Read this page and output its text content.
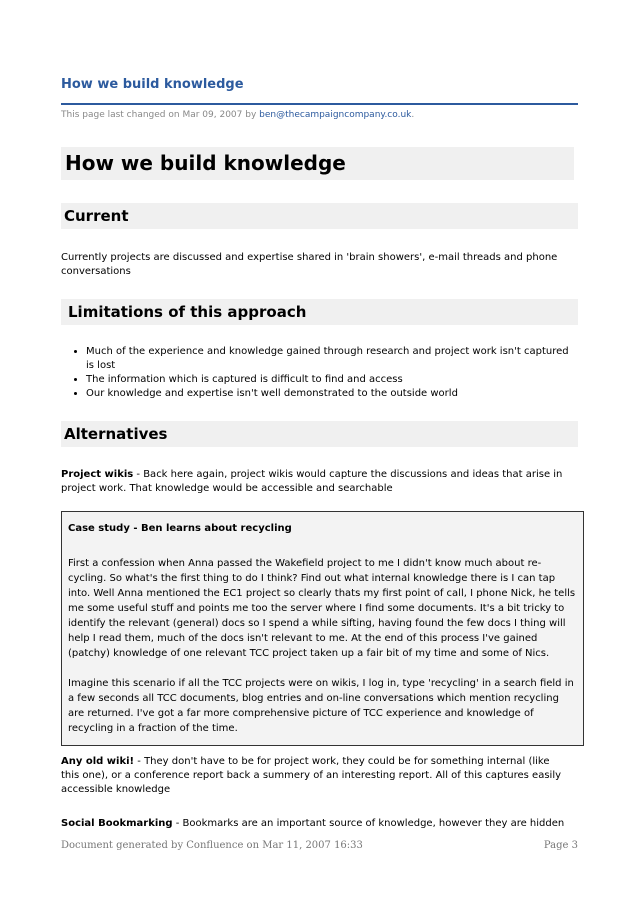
How we build knowledge
This page last changed on Mar 09, 2007 by ben@thecampaigncompany.co.uk.
How we build knowledge
Current
Currently projects are discussed and expertise shared in 'brain showers', e-mail threads and phone conversations
Limitations of this approach
• Much of the experience and knowledge gained through research and project work isn't captured is lost
• The information which is captured is difficult to find and access
• Our knowledge and expertise isn't well demonstrated to the outside world
Alternatives
Project wikis - Back here again, project wikis would capture the discussions and ideas that arise in project work. That knowledge would be accessible and searchable
Case study - Ben learns about recycling

First a confession when Anna passed the Wakefield project to me I didn't know much about re-cycling. So what's the first thing to do I think? Find out what internal knowledge there is I can tap into. Well Anna mentioned the EC1 project so clearly thats my first point of call, I phone Nick, he tells me some useful stuff and points me too the server where I find some documents. It's a bit tricky to identify the relevant (general) docs so I spend a while sifting, having found the few docs I thing will help I read them, much of the docs isn't relevant to me. At the end of this process I've gained (patchy) knowledge of one relevant TCC project taken up a fair bit of my time and some of Nics.

Imagine this scenario if all the TCC projects were on wikis, I log in, type 'recycling' in a search field in a few seconds all TCC documents, blog entries and on-line conversations which mention recycling are returned. I've got a far more comprehensive picture of TCC experience and knowledge of recycling in a fraction of the time.

Any old wiki! - They don't have to be for project work, they could be for something internal (like this one), or a conference report back a summery of an interesting report. All of this captures easily accessible knowledge
Social Bookmarking - Bookmarks are an important source of knowledge, however they are hidden
Document generated by Confluence on Mar 11, 2007 16:33	Page 3
